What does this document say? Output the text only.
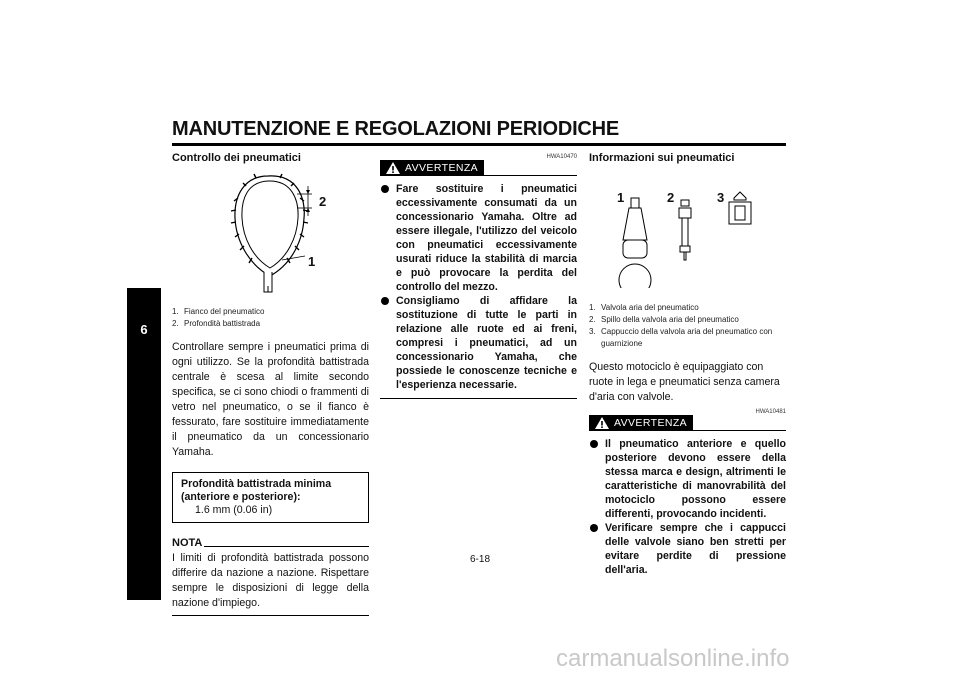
MANUTENZIONE E REGOLAZIONI PERIODICHE
6
Controllo dei pneumatici
2
1
1. Fianco del pneumatico
2. Profondità battistrada

Controllare sempre i pneumatici prima di ogni utilizzo. Se la profondità battistrada centrale è scesa al limite secondo specifica, se ci sono chiodi o frammenti di vetro nel pneumatico, o se il fianco è fessurato, fare sostituire immediatamente il pneumatico da un concessionario Yamaha.

Profondità battistrada minima (anteriore e posteriore):
1.6 mm (0.06 in)
NOTA

I limiti di profondità battistrada possono differire da nazione a nazione. Rispettare sempre le disposizioni di legge della nazione d'impiego.

AVVERTENZA
HWA10470
Fare sostituire i pneumatici eccessivamente consumati da un concessionario Yamaha. Oltre ad essere illegale, l'utilizzo del veicolo con pneumatici eccessivamente usurati riduce la stabilità di marcia e può provocare la perdita del controllo del mezzo.
Consigliamo di affidare la sostituzione di tutte le parti in relazione alle ruote ed ai freni, compresi i pneumatici, ad un concessionario Yamaha, che possiede le conoscenze tecniche e l'esperienza necessarie.
Informazioni sui pneumatici
1	2	3
1. Valvola aria del pneumatico
2. Spillo della valvola aria del pneumatico
3. Cappuccio della valvola aria del pneumatico con guarnizione

Questo motociclo è equipaggiato con ruote in lega e pneumatici senza camera d'aria con valvole.

AVVERTENZA
HWA10481
Il pneumatico anteriore e quello posteriore devono essere della stessa marca e design, altrimenti le caratteristiche di manovrabilità del motociclo possono essere differenti, provocando incidenti.
Verificare sempre che i cappucci delle valvole siano ben stretti per evitare perdite di pressione dell'aria.
6-18
carmanualsonline.info
